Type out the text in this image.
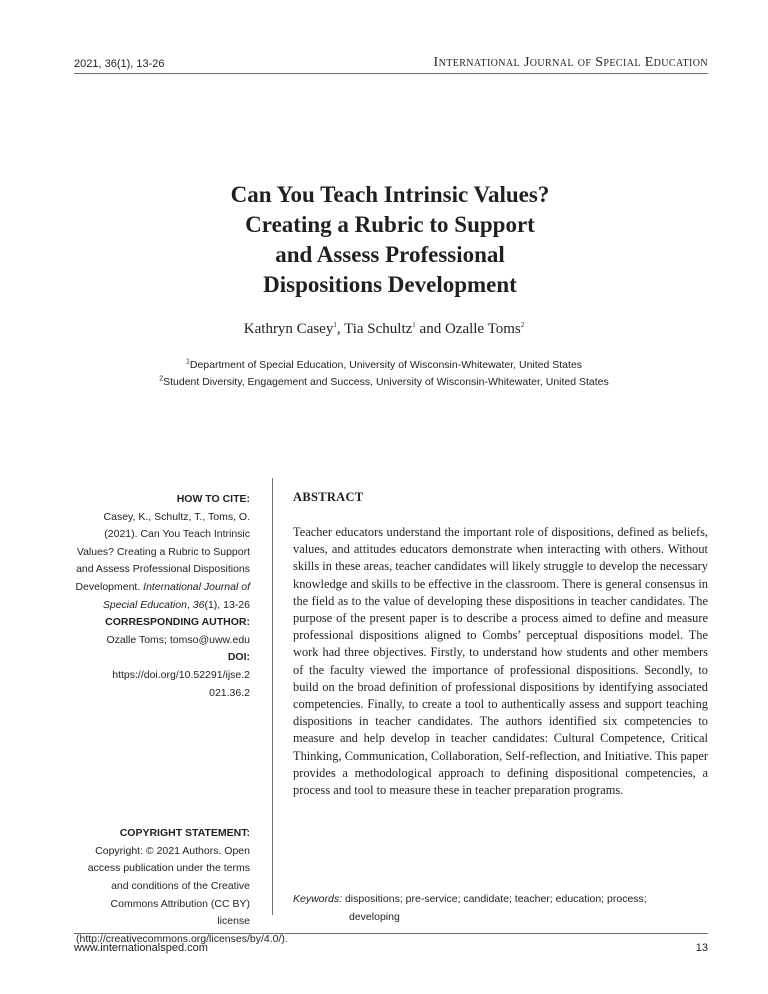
2021, 36(1), 13-26	International Journal of Special Education
Can You Teach Intrinsic Values?
Creating a Rubric to Support
and Assess Professional
Dispositions Development
Kathryn Casey$^1$, Tia Schultz$^1$ and Ozalle Toms$^2$
$^1$Department of Special Education, University of Wisconsin-Whitewater, United States
$^2$Student Diversity, Engagement and Success, University of Wisconsin-Whitewater, United States
HOW TO CITE:
Casey, K., Schultz, T., Toms, O. (2021). Can You Teach Intrinsic Values? Creating a Rubric to Support and Assess Professional Dispositions Development. International Journal of Special Education, 36(1), 13-26
CORRESPONDING AUTHOR:
Ozalle Toms; tomso@uww.edu
DOI:
https://doi.org/10.52291/ijse.2021.36.2
COPYRIGHT STATEMENT:
Copyright: © 2021 Authors. Open access publication under the terms and conditions of the Creative Commons Attribution (CC BY) license (http://creativecommons.org/licenses/by/4.0/).
ABSTRACT

Teacher educators understand the important role of dispositions, defined as beliefs, values, and attitudes educators demonstrate when interacting with others. Without skills in these areas, teacher candidates will likely struggle to develop the necessary knowledge and skills to be effective in the classroom. There is general consensus in the field as to the value of developing these dispositions in teacher candidates. The purpose of the present paper is to describe a process aimed to define and measure professional dispositions aligned to Combs’ perceptual dispositions model. The work had three objectives. Firstly, to understand how students and other members of the faculty viewed the importance of professional dispositions. Secondly, to build on the broad definition of professional dispositions by identifying associated competencies. Finally, to create a tool to authentically assess and support teaching dispositions in teacher candidates. The authors identified six competencies to measure and help develop in teacher candidates: Cultural Competence, Critical Thinking, Communication, Collaboration, Self-reflection, and Initiative. This paper provides a methodological approach to defining dispositional competencies, a process and tool to measure these in teacher preparation programs.

Keywords: dispositions; pre-service; candidate; teacher; education; process;
developing
www.internationalsped.com	13
